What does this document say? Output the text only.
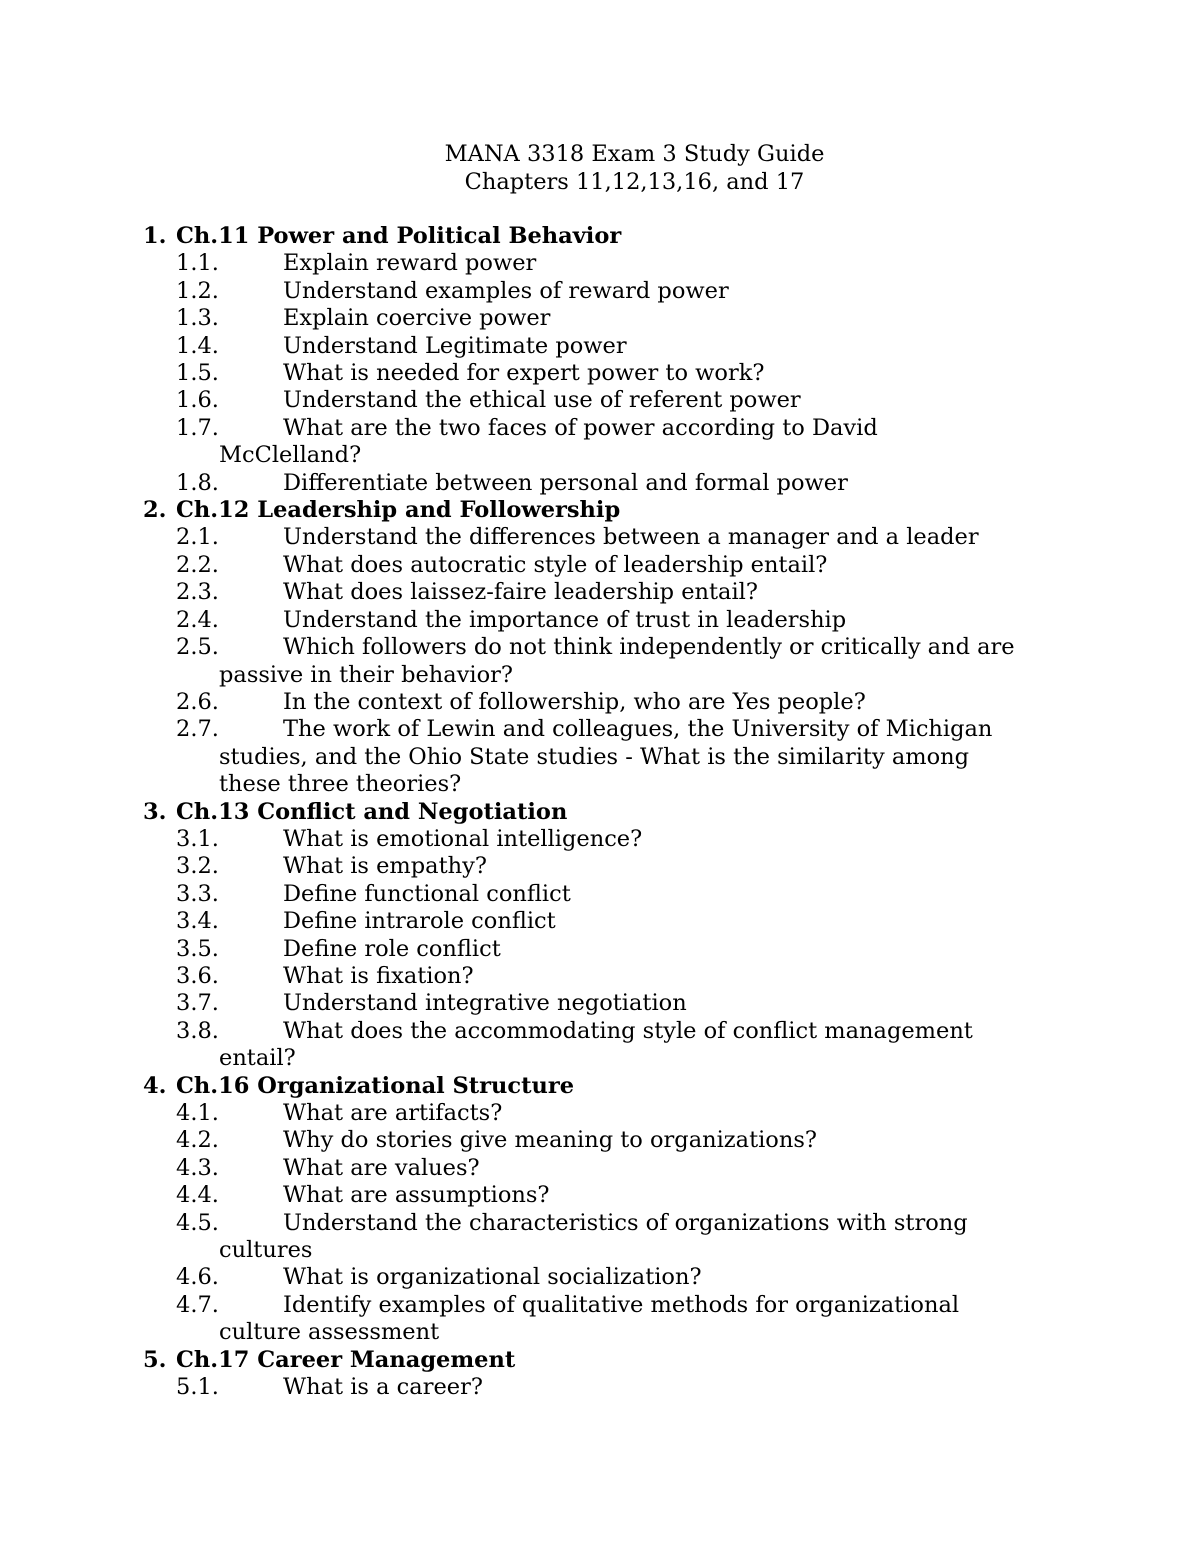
MANA 3318 Exam 3 Study Guide
Chapters 11,12,13,16, and 17
1. Ch.11 Power and Political Behavior
1.1.	Explain reward power
1.2.	Understand examples of reward power
1.3.	Explain coercive power
1.4.	Understand Legitimate power
1.5.	What is needed for expert power to work?
1.6.	Understand the ethical use of referent power
1.7.	What are the two faces of power according to David
McClelland?
1.8.	Differentiate between personal and formal power
2. Ch.12 Leadership and Followership
2.1.	Understand the differences between a manager and a leader
2.2.	What does autocratic style of leadership entail?
2.3.	What does laissez-faire leadership entail?
2.4.	Understand the importance of trust in leadership
2.5.	Which followers do not think independently or critically and are
passive in their behavior?
2.6.	In the context of followership, who are Yes people?
2.7.	The work of Lewin and colleagues, the University of Michigan
studies, and the Ohio State studies - What is the similarity among
these three theories?
3. Ch.13 Conflict and Negotiation
3.1.	What is emotional intelligence?
3.2.	What is empathy?
3.3.	Define functional conflict
3.4.	Define intrarole conflict
3.5.	Define role conflict
3.6.	What is fixation?
3.7.	Understand integrative negotiation
3.8.	What does the accommodating style of conflict management
entail?
4. Ch.16 Organizational Structure
4.1.	What are artifacts?
4.2.	Why do stories give meaning to organizations?
4.3.	What are values?
4.4.	What are assumptions?
4.5.	Understand the characteristics of organizations with strong
cultures
4.6.	What is organizational socialization?
4.7.	Identify examples of qualitative methods for organizational
culture assessment
5. Ch.17 Career Management
5.1.	What is a career?
